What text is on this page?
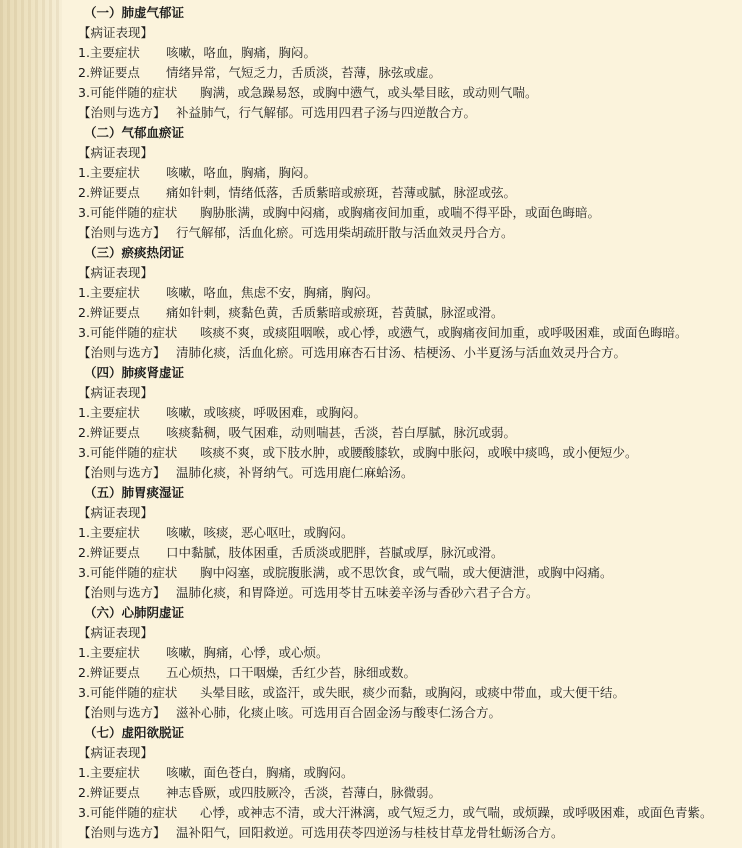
（一）肺虚气郁证
【病证表现】
1.主要症状 咳嗽，咯血，胸痛，胸闷。
2.辨证要点 情绪异常，气短乏力，舌质淡，苔薄，脉弦或虚。
3.可能伴随的症状 胸满，或急躁易怒，或胸中懑气，或头晕目眩，或动则气喘。
【治则与选方】 补益肺气，行气解郁。可选用四君子汤与四逆散合方。
（二）气郁血瘀证
【病证表现】
1.主要症状 咳嗽，咯血，胸痛，胸闷。
2.辨证要点 痛如针刺，情绪低落，舌质紫暗或瘀斑，苔薄或腻，脉涩或弦。
3.可能伴随的症状 胸胁胀满，或胸中闷痛，或胸痛夜间加重，或喘不得平卧，或面色晦暗。
【治则与选方】 行气解郁，活血化瘀。可选用柴胡疏肝散与活血效灵丹合方。
（三）瘀痰热闭证
【病证表现】
1.主要症状 咳嗽，咯血，焦虑不安，胸痛，胸闷。
2.辨证要点 痛如针刺，痰黏色黄，舌质紫暗或瘀斑，苔黄腻，脉涩或滑。
3.可能伴随的症状 咳痰不爽，或痰阻咽喉，或心悸，或懑气，或胸痛夜间加重，或呼吸困难，或面色晦暗。
【治则与选方】 清肺化痰，活血化瘀。可选用麻杏石甘汤、桔梗汤、小半夏汤与活血效灵丹合方。
（四）肺痰肾虚证
【病证表现】
1.主要症状 咳嗽，或咳痰，呼吸困难，或胸闷。
2.辨证要点 咳痰黏稠，吸气困难，动则喘甚，舌淡，苔白厚腻，脉沉或弱。
3.可能伴随的症状 咳痰不爽，或下肢水肿，或腰酸膝软，或胸中胀闷，或喉中痰鸣，或小便短少。
【治则与选方】 温肺化痰，补肾纳气。可选用鹿仁麻蛤汤。
（五）肺胃痰湿证
【病证表现】
1.主要症状 咳嗽，咳痰，恶心呕吐，或胸闷。
2.辨证要点 口中黏腻，肢体困重，舌质淡或肥胖，苔腻或厚，脉沉或滑。
3.可能伴随的症状 胸中闷塞，或脘腹胀满，或不思饮食，或气喘，或大便溏泄，或胸中闷痛。
【治则与选方】 温肺化痰，和胃降逆。可选用苓甘五味姜辛汤与香砂六君子合方。
（六）心肺阴虚证
【病证表现】
1.主要症状 咳嗽，胸痛，心悸，或心烦。
2.辨证要点 五心烦热，口干咽燥，舌红少苔，脉细或数。
3.可能伴随的症状 头晕目眩，或盗汗，或失眠，痰少而黏，或胸闷，或痰中带血，或大便干结。
【治则与选方】 滋补心肺，化痰止咳。可选用百合固金汤与酸枣仁汤合方。
（七）虚阳欲脱证
【病证表现】
1.主要症状 咳嗽，面色苍白，胸痛，或胸闷。
2.辨证要点 神志昏厥，或四肢厥冷，舌淡，苔薄白，脉微弱。
3.可能伴随的症状 心悸，或神志不清，或大汗淋漓，或气短乏力，或气喘，或烦躁，或呼吸困难，或面色青紫。
【治则与选方】 温补阳气，回阳救逆。可选用茯苓四逆汤与桂枝甘草龙骨牡蛎汤合方。
